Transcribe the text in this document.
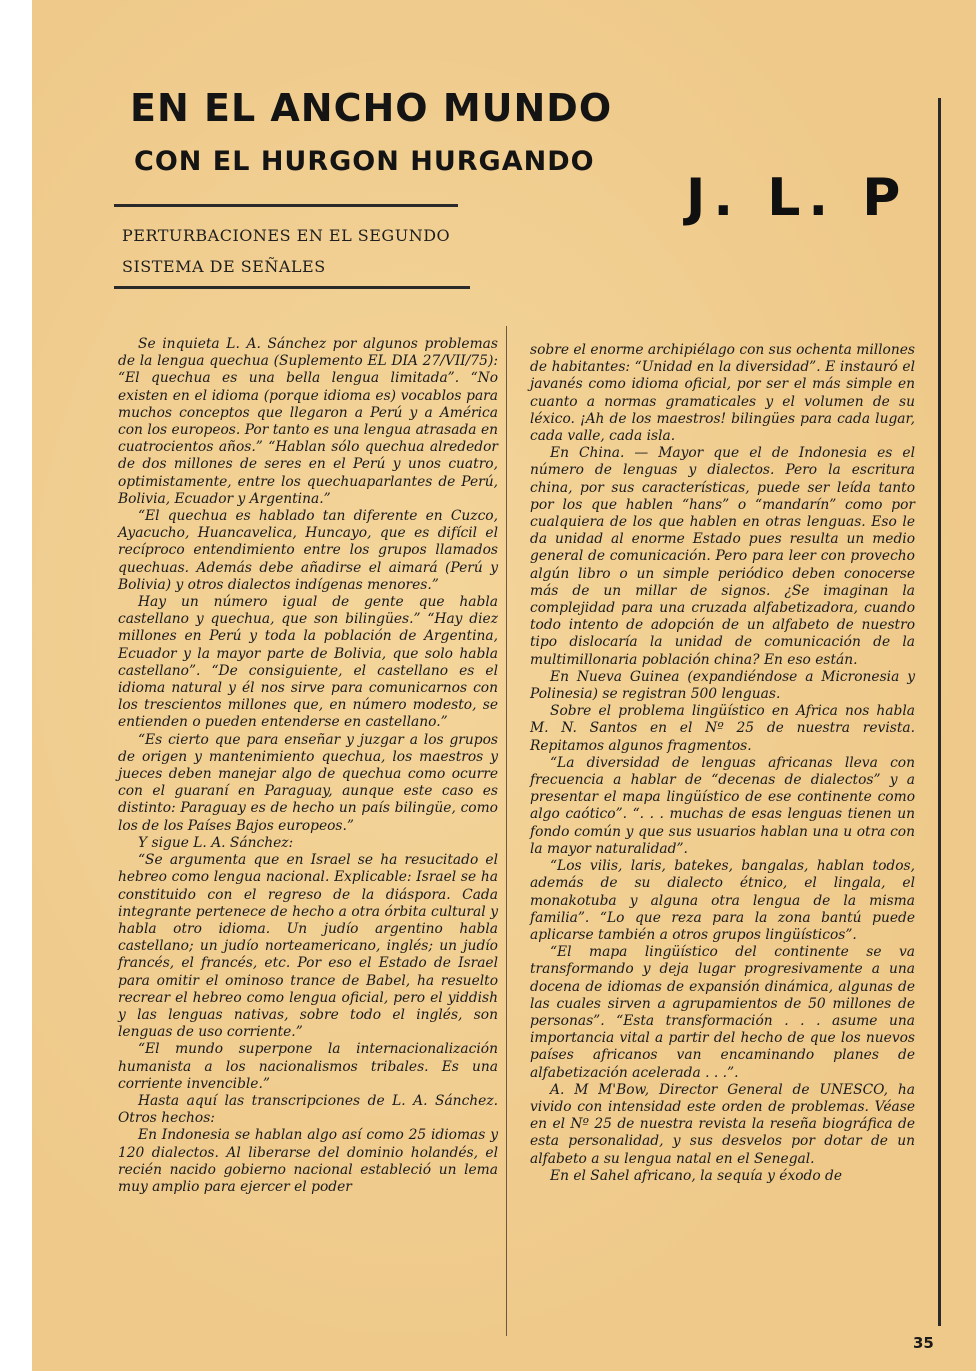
EN EL ANCHO MUNDO
CON EL HURGON HURGANDO
J. L. P
PERTURBACIONES EN EL SEGUNDO
SISTEMA DE SEÑALES

Se inquieta L. A. Sánchez por algunos problemas de la lengua quechua (Suplemento EL DIA 27/VII/75): “El quechua es una bella lengua limitada”. “No existen en el idioma (porque idioma es) vocablos para muchos conceptos que llegaron a Perú y a América con los europeos. Por tanto es una lengua atrasada en cuatrocientos años.” “Hablan sólo quechua alrededor de dos millones de seres en el Perú y unos cuatro, optimistamente, entre los quechuaparlantes de Perú, Bolivia, Ecuador y Argentina.”

“El quechua es hablado tan diferente en Cuzco, Ayacucho, Huancavelica, Huncayo, que es difícil el recíproco entendimiento entre los grupos llamados quechuas. Además debe añadirse el aimará (Perú y Bolivia) y otros dialectos indígenas menores.”

Hay un número igual de gente que habla castellano y quechua, que son bilingües.” “Hay diez millones en Perú y toda la población de Argentina, Ecuador y la mayor parte de Bolivia, que solo habla castellano”. “De consiguiente, el castellano es el idioma natural y él nos sirve para comunicarnos con los trescientos millones que, en número modesto, se entienden o pueden entenderse en castellano.”

“Es cierto que para enseñar y juzgar a los grupos de origen y mantenimiento quechua, los maestros y jueces deben manejar algo de quechua como ocurre con el guaraní en Paraguay, aunque este caso es distinto: Paraguay es de hecho un país bilingüe, como los de los Países Bajos europeos.”

Y sigue L. A. Sánchez:

“Se argumenta que en Israel se ha resucitado el hebreo como lengua nacional. Explicable: Israel se ha constituido con el regreso de la diáspora. Cada integrante pertenece de hecho a otra órbita cultural y habla otro idioma. Un judío argentino habla castellano; un judío norteamericano, inglés; un judío francés, el francés, etc. Por eso el Estado de Israel para omitir el ominoso trance de Babel, ha resuelto recrear el hebreo como lengua oficial, pero el yiddish y las lenguas nativas, sobre todo el inglés, son lenguas de uso corriente.”

“El mundo superpone la internacionalización humanista a los nacionalismos tribales. Es una corriente invencible.”

Hasta aquí las transcripciones de L. A. Sánchez. Otros hechos:

En Indonesia se hablan algo así como 25 idiomas y 120 dialectos. Al liberarse del dominio holandés, el recién nacido gobierno nacional estableció un lema muy amplio para ejercer el poder

sobre el enorme archipiélago con sus ochenta millones de habitantes: “Unidad en la diversidad”. E instauró el javanés como idioma oficial, por ser el más simple en cuanto a normas gramaticales y el volumen de su léxico. ¡Ah de los maestros! bilingües para cada lugar, cada valle, cada isla.

En China. — Mayor que el de Indonesia es el número de lenguas y dialectos. Pero la escritura china, por sus características, puede ser leída tanto por los que hablen “hans” o “mandarín” como por cualquiera de los que hablen en otras lenguas. Eso le da unidad al enorme Estado pues resulta un medio general de comunicación. Pero para leer con provecho algún libro o un simple periódico deben conocerse más de un millar de signos. ¿Se imaginan la complejidad para una cruzada alfabetizadora, cuando todo intento de adopción de un alfabeto de nuestro tipo dislocaría la unidad de comunicación de la multimillonaria población china? En eso están.

En Nueva Guinea (expandiéndose a Micronesia y Polinesia) se registran 500 lenguas.

Sobre el problema lingüístico en Africa nos habla M. N. Santos en el Nº 25 de nuestra revista. Repitamos algunos fragmentos.

“La diversidad de lenguas africanas lleva con frecuencia a hablar de “decenas de dialectos” y a presentar el mapa lingüístico de ese continente como algo caótico”. “. . . muchas de esas lenguas tienen un fondo común y que sus usuarios hablan una u otra con la mayor naturalidad”.

“Los vilis, laris, batekes, bangalas, hablan todos, además de su dialecto étnico, el lingala, el monakotuba y alguna otra lengua de la misma familia”. “Lo que reza para la zona bantú puede aplicarse también a otros grupos lingüísticos”.

“El mapa lingüístico del continente se va transformando y deja lugar progresivamente a una docena de idiomas de expansión dinámica, algunas de las cuales sirven a agrupamientos de 50 millones de personas”. “Esta transformación . . . asume una importancia vital a partir del hecho de que los nuevos países africanos van encaminando planes de alfabetización acelerada . . .”.

A. M M'Bow, Director General de UNESCO, ha vivido con intensidad este orden de problemas. Véase en el Nº 25 de nuestra revista la reseña biográfica de esta personalidad, y sus desvelos por dotar de un alfabeto a su lengua natal en el Senegal.

En el Sahel africano, la sequía y éxodo de

35
